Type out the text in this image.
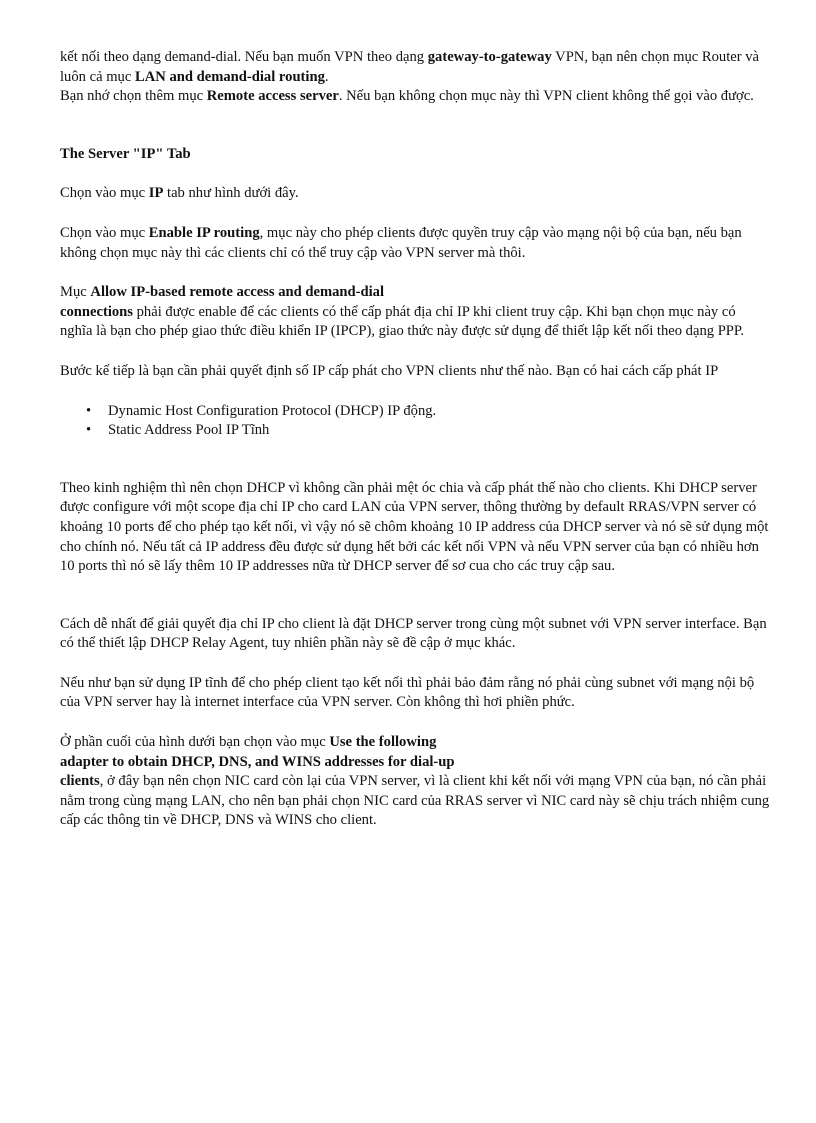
kết nối theo dạng demand-dial. Nếu bạn muốn VPN theo dạng gateway-to-gateway VPN, bạn nên chọn mục Router và luôn cả mục LAN and demand-dial routing.

Bạn nhớ chọn thêm mục Remote access server. Nếu bạn không chọn mục này thì VPN client không thể gọi vào được.

The Server "IP" Tab

Chọn vào mục IP tab như hình dưới đây.

Chọn vào mục Enable IP routing, mục này cho phép clients được quyền truy cập vào mạng nội bộ của bạn, nếu bạn không chọn mục này thì các clients chỉ có thể truy cập vào VPN server mà thôi.

Mục Allow IP-based remote access and demand-dial
connections phải được enable để các clients có thể cấp phát địa chỉ IP khi client truy cập. Khi bạn chọn mục này có nghĩa là bạn cho phép giao thức điều khiển IP (IPCP), giao thức này được sử dụng để thiết lập kết nối theo dạng PPP.

Bước kế tiếp là bạn cần phải quyết định số IP cấp phát cho VPN clients như thế nào. Bạn có hai cách cấp phát IP

• Dynamic Host Configuration Protocol (DHCP) IP động.
• Static Address Pool IP Tĩnh

Theo kinh nghiệm thì nên chọn DHCP vì không cần phải mệt óc chia và cấp phát thế nào cho clients. Khi DHCP server được configure với một scope địa chỉ IP cho card LAN của VPN server, thông thường by default RRAS/VPN server có khoảng 10 ports để cho phép tạo kết nối, vì vậy nó sẽ chôm khoảng 10 IP address của DHCP server và nó sẽ sử dụng một cho chính nó. Nếu tất cả IP address đều được sử dụng hết bởi các kết nối VPN và nếu VPN server của bạn có nhiều hơn 10 ports thì nó sẽ lấy thêm 10 IP addresses nữa từ DHCP server để sơ cua cho các truy cập sau.

Cách dễ nhất để giải quyết địa chỉ IP cho client là đặt DHCP server trong cùng một subnet với VPN server interface. Bạn có thể thiết lập DHCP Relay Agent, tuy nhiên phần này sẽ đề cập ở mục khác.

Nếu như bạn sử dụng IP tĩnh để cho phép client tạo kết nối thì phải bảo đảm rằng nó phải cùng subnet với mạng nội bộ của VPN server hay là internet interface của VPN server. Còn không thì hơi phiền phức.

Ở phần cuối của hình dưới bạn chọn vào mục Use the following
adapter to obtain DHCP, DNS, and WINS addresses for dial-up
clients, ở đây bạn nên chọn NIC card còn lại của VPN server, vì là client khi kết nối với mạng VPN của bạn, nó cần phải nằm trong cùng mạng LAN, cho nên bạn phải chọn NIC card của RRAS server vì NIC card này sẽ chịu trách nhiệm cung cấp các thông tin về DHCP, DNS và WINS cho client.
